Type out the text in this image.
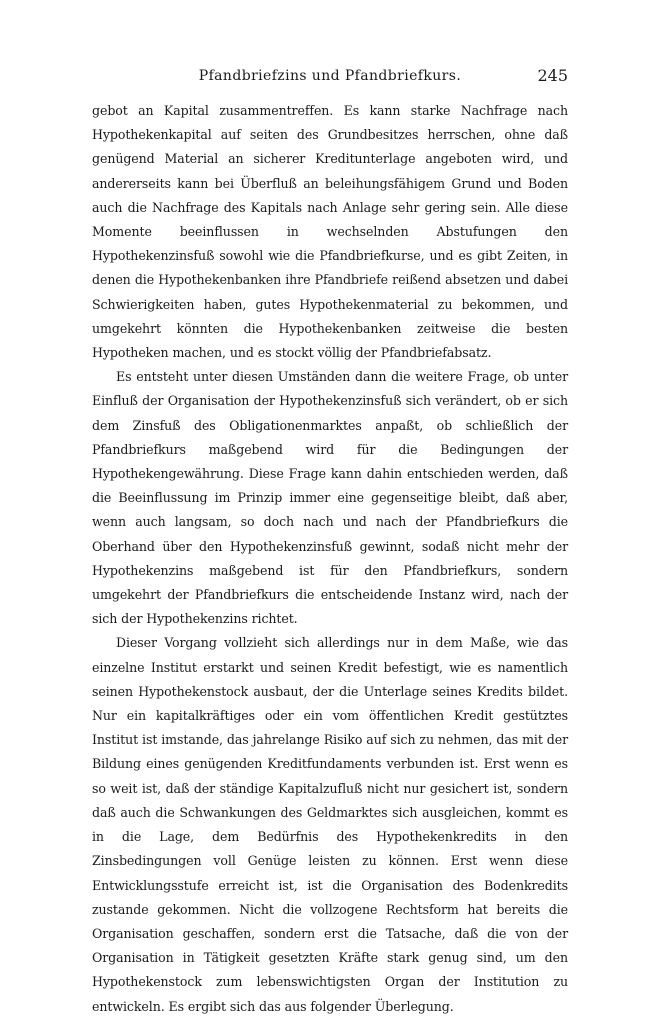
Pfandbriefzins und Pfandbriefkurs.	245

gebot an Kapital zusammentreffen. Es kann starke Nachfrage nach Hypothekenkapital auf seiten des Grundbesitzes herrschen, ohne daß genügend Material an sicherer Kreditunterlage angeboten wird, und andererseits kann bei Überfluß an beleihungsfähigem Grund und Boden auch die Nachfrage des Kapitals nach Anlage sehr gering sein. Alle diese Momente beeinflussen in wechselnden Abstufungen den Hypothekenzinsfuß sowohl wie die Pfandbriefkurse, und es gibt Zeiten, in denen die Hypothekenbanken ihre Pfandbriefe reißend absetzen und dabei Schwierigkeiten haben, gutes Hypothekenmaterial zu bekommen, und umgekehrt könnten die Hypothekenbanken zeitweise die besten Hypotheken machen, und es stockt völlig der Pfandbriefabsatz.

Es entsteht unter diesen Umständen dann die weitere Frage, ob unter Einfluß der Organisation der Hypothekenzinsfuß sich verändert, ob er sich dem Zinsfuß des Obligationenmarktes anpaßt, ob schließlich der Pfandbriefkurs maßgebend wird für die Bedingungen der Hypothekengewährung. Diese Frage kann dahin entschieden werden, daß die Beeinflussung im Prinzip immer eine gegenseitige bleibt, daß aber, wenn auch langsam, so doch nach und nach der Pfandbriefkurs die Oberhand über den Hypothekenzinsfuß gewinnt, sodaß nicht mehr der Hypothekenzins maßgebend ist für den Pfandbriefkurs, sondern umgekehrt der Pfandbriefkurs die entscheidende Instanz wird, nach der sich der Hypothekenzins richtet.

Dieser Vorgang vollzieht sich allerdings nur in dem Maße, wie das einzelne Institut erstarkt und seinen Kredit befestigt, wie es namentlich seinen Hypothekenstock ausbaut, der die Unterlage seines Kredits bildet. Nur ein kapitalkräftiges oder ein vom öffentlichen Kredit gestütztes Institut ist imstande, das jahrelange Risiko auf sich zu nehmen, das mit der Bildung eines genügenden Kreditfundaments verbunden ist. Erst wenn es so weit ist, daß der ständige Kapitalzufluß nicht nur gesichert ist, sondern daß auch die Schwankungen des Geldmarktes sich ausgleichen, kommt es in die Lage, dem Bedürfnis des Hypothekenkredits in den Zinsbedingungen voll Genüge leisten zu können. Erst wenn diese Entwicklungsstufe erreicht ist, ist die Organisation des Bodenkredits zustande gekommen. Nicht die vollzogene Rechtsform hat bereits die Organisation geschaffen, sondern erst die Tatsache, daß die von der Organisation in Tätigkeit gesetzten Kräfte stark genug sind, um den Hypothekenstock zum lebenswichtigsten Organ der Institution zu entwickeln. Es ergibt sich das aus folgender Überlegung.
